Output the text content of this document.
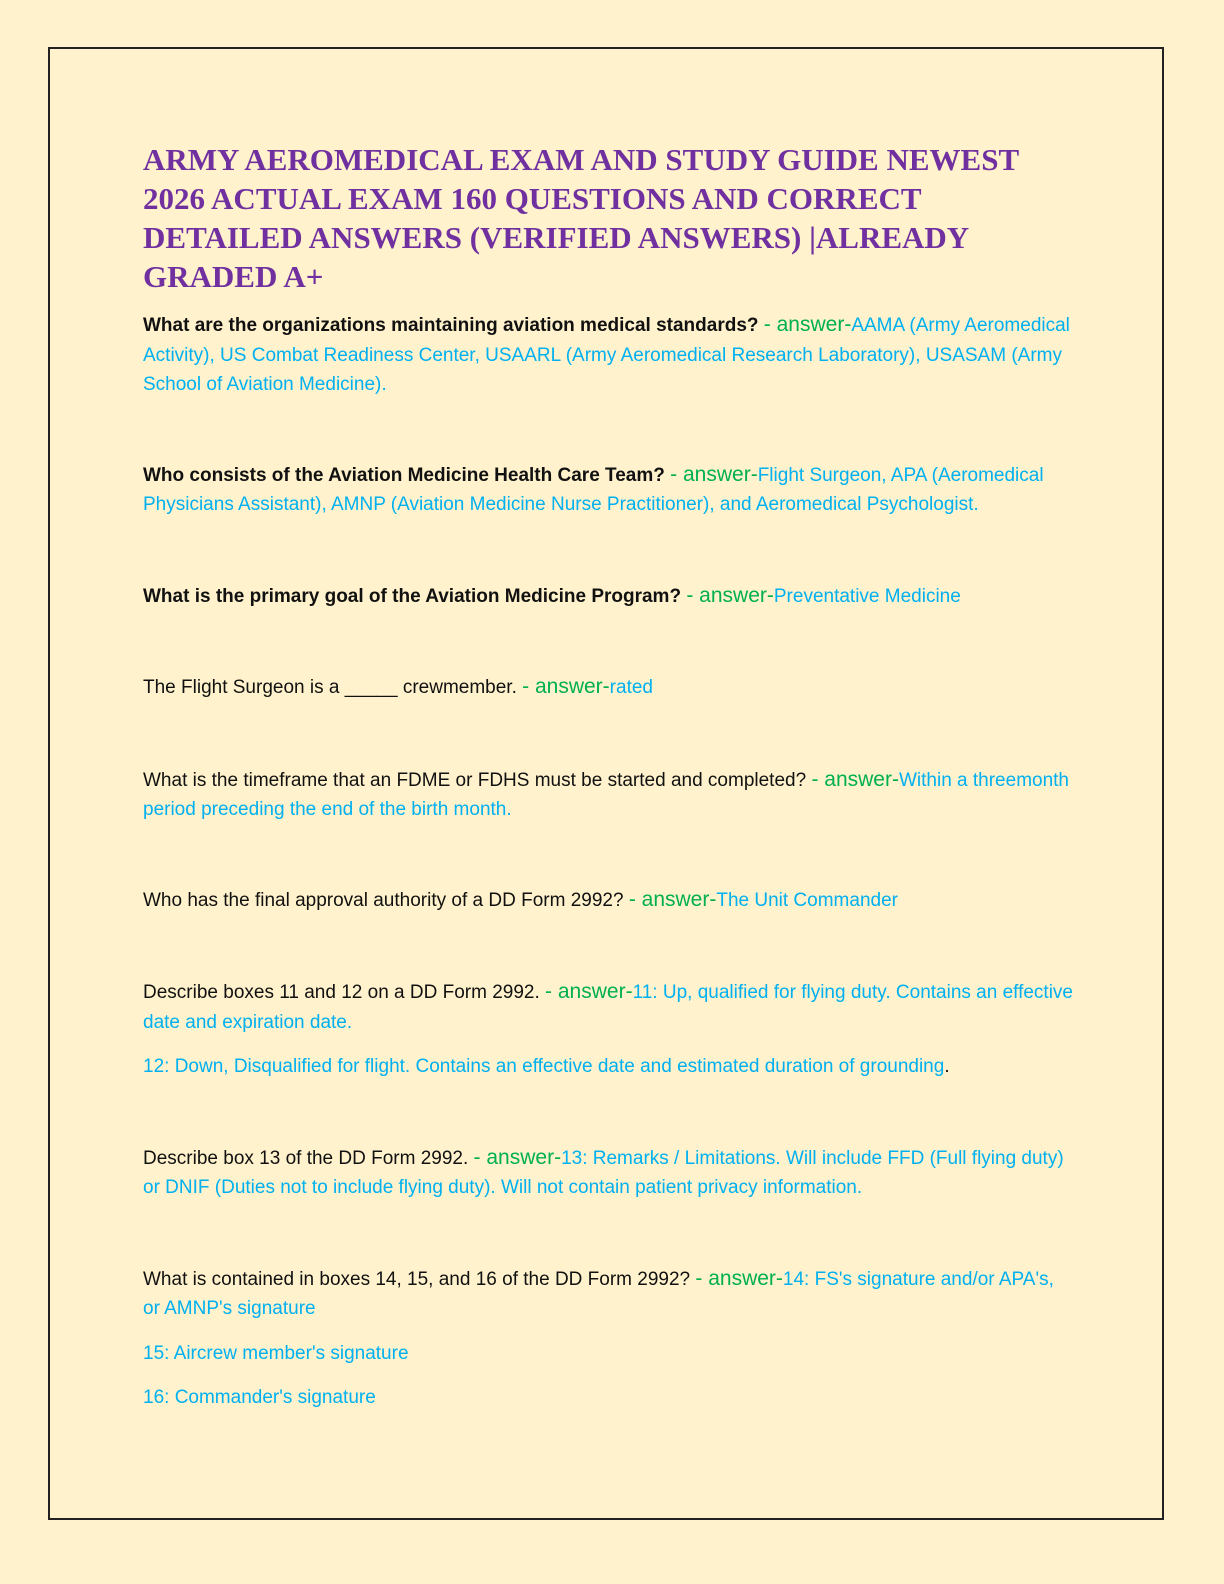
ARMY AEROMEDICAL EXAM AND STUDY GUIDE NEWEST 2026 ACTUAL EXAM 160 QUESTIONS AND CORRECT DETAILED ANSWERS (VERIFIED ANSWERS) |ALREADY GRADED A+

What are the organizations maintaining aviation medical standards? - answer-AAMA (Army Aeromedical Activity), US Combat Readiness Center, USAARL (Army Aeromedical Research Laboratory), USASAM (Army School of Aviation Medicine).

Who consists of the Aviation Medicine Health Care Team? - answer-Flight Surgeon, APA (Aeromedical Physicians Assistant), AMNP (Aviation Medicine Nurse Practitioner), and Aeromedical Psychologist.

What is the primary goal of the Aviation Medicine Program? - answer-Preventative Medicine

The Flight Surgeon is a _____ crewmember. - answer-rated

What is the timeframe that an FDME or FDHS must be started and completed? - answer-Within a threemonth period preceding the end of the birth month.

Who has the final approval authority of a DD Form 2992? - answer-The Unit Commander

Describe boxes 11 and 12 on a DD Form 2992. - answer-11: Up, qualified for flying duty. Contains an effective date and expiration date.

12: Down, Disqualified for flight. Contains an effective date and estimated duration of grounding.

Describe box 13 of the DD Form 2992. - answer-13: Remarks / Limitations. Will include FFD (Full flying duty) or DNIF (Duties not to include flying duty). Will not contain patient privacy information.

What is contained in boxes 14, 15, and 16 of the DD Form 2992? - answer-14: FS's signature and/or APA's, or AMNP's signature

15: Aircrew member's signature

16: Commander's signature
